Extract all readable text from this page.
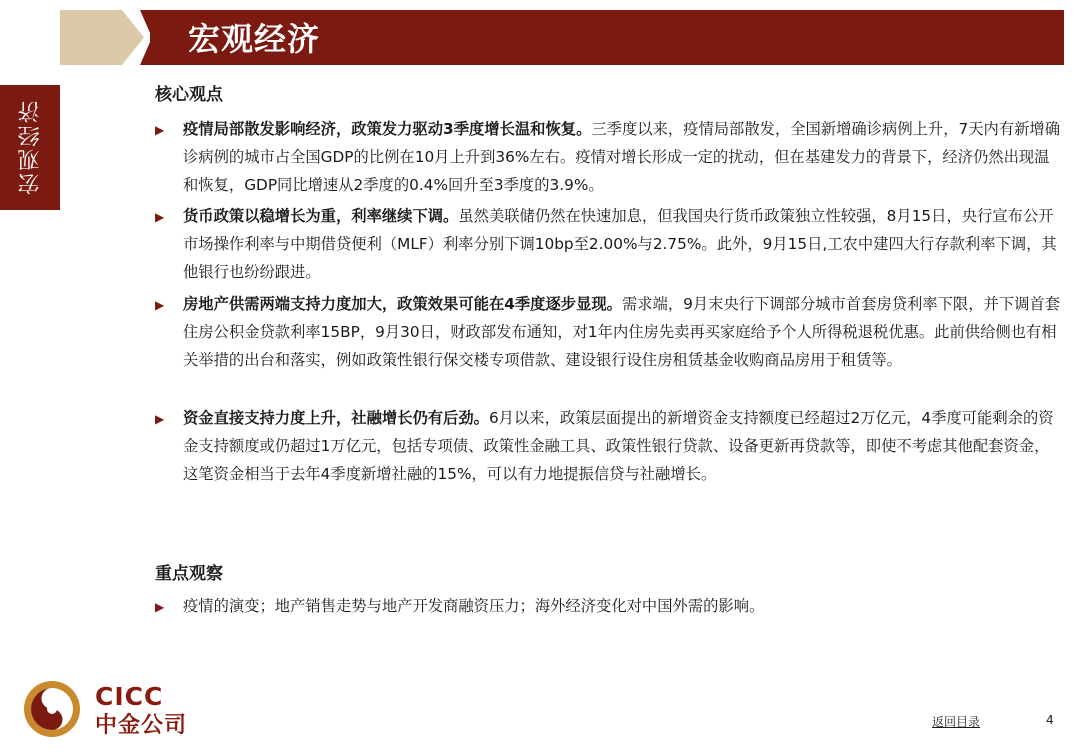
宏观经济
宏观经济
核心观点
▶ 疫情局部散发影响经济，政策发力驱动3季度增长温和恢复。三季度以来，疫情局部散发，全国新增确诊病例上升，7天内有新增确诊病例的城市占全国GDP的比例在10月上升到36%左右。疫情对增长形成一定的扰动，但在基建发力的背景下，经济仍然出现温和恢复，GDP同比增速从2季度的0.4%回升至3季度的3.9%。
▶ 货币政策以稳增长为重，利率继续下调。虽然美联储仍然在快速加息，但我国央行货币政策独立性较强，8月15日，央行宣布公开市场操作利率与中期借贷便利（MLF）利率分别下调10bp至2.00%与2.75%。此外，9月15日,工农中建四大行存款利率下调，其他银行也纷纷跟进。
▶ 房地产供需两端支持力度加大，政策效果可能在4季度逐步显现。需求端，9月末央行下调部分城市首套房贷利率下限，并下调首套住房公积金贷款利率15BP，9月30日，财政部发布通知，对1年内住房先卖再买家庭给予个人所得税退税优惠。此前供给侧也有相关举措的出台和落实，例如政策性银行保交楼专项借款、建设银行设住房租赁基金收购商品房用于租赁等。
▶ 资金直接支持力度上升，社融增长仍有后劲。6月以来，政策层面提出的新增资金支持额度已经超过2万亿元，4季度可能剩余的资金支持额度或仍超过1万亿元，包括专项债、政策性金融工具、政策性银行贷款、设备更新再贷款等，即使不考虑其他配套资金，这笔资金相当于去年4季度新增社融的15%，可以有力地提振信贷与社融增长。
重点观察
▶ 疫情的演变；地产销售走势与地产开发商融资压力；海外经济变化对中国外需的影响。
CICC
中金公司	返回目录	4
